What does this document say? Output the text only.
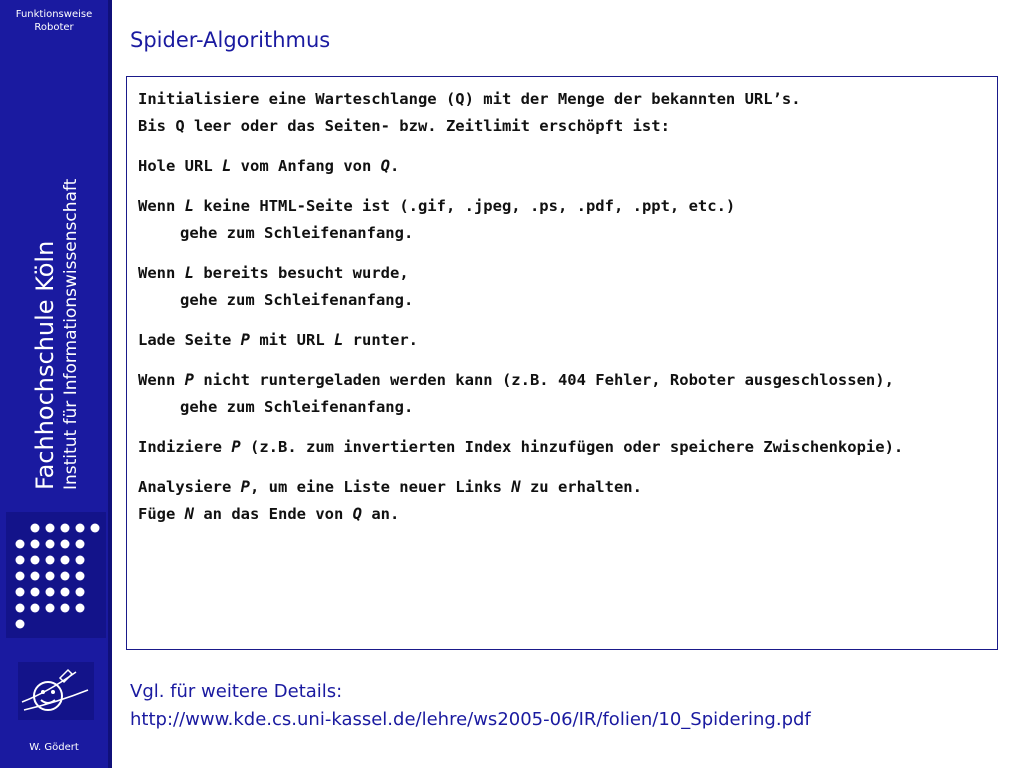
Funktionsweise
Roboter
Fachhochschule Köln Institut für Informationswissenschaft
W. Gödert
Spider-Algorithmus

Initialisiere eine Warteschlange (Q) mit der Menge der bekannten URL’s.

Bis Q leer oder das Seiten- bzw. Zeitlimit erschöpft ist:

Hole URL L vom Anfang von Q.

Wenn L keine HTML-Seite ist (.gif, .jpeg, .ps, .pdf, .ppt, etc.)
gehe zum Schleifenanfang.

Wenn L bereits besucht wurde,
gehe zum Schleifenanfang.

Lade Seite P mit URL L runter.

Wenn P nicht runtergeladen werden kann (z.B. 404 Fehler, Roboter ausgeschlossen),
gehe zum Schleifenanfang.

Indiziere P (z.B. zum invertierten Index hinzufügen oder speichere Zwischenkopie).

Analysiere P, um eine Liste neuer Links N zu erhalten.

Füge N an das Ende von Q an.

Vgl. für weitere Details:
http://www.kde.cs.uni-kassel.de/lehre/ws2005-06/IR/folien/10_Spidering.pdf
